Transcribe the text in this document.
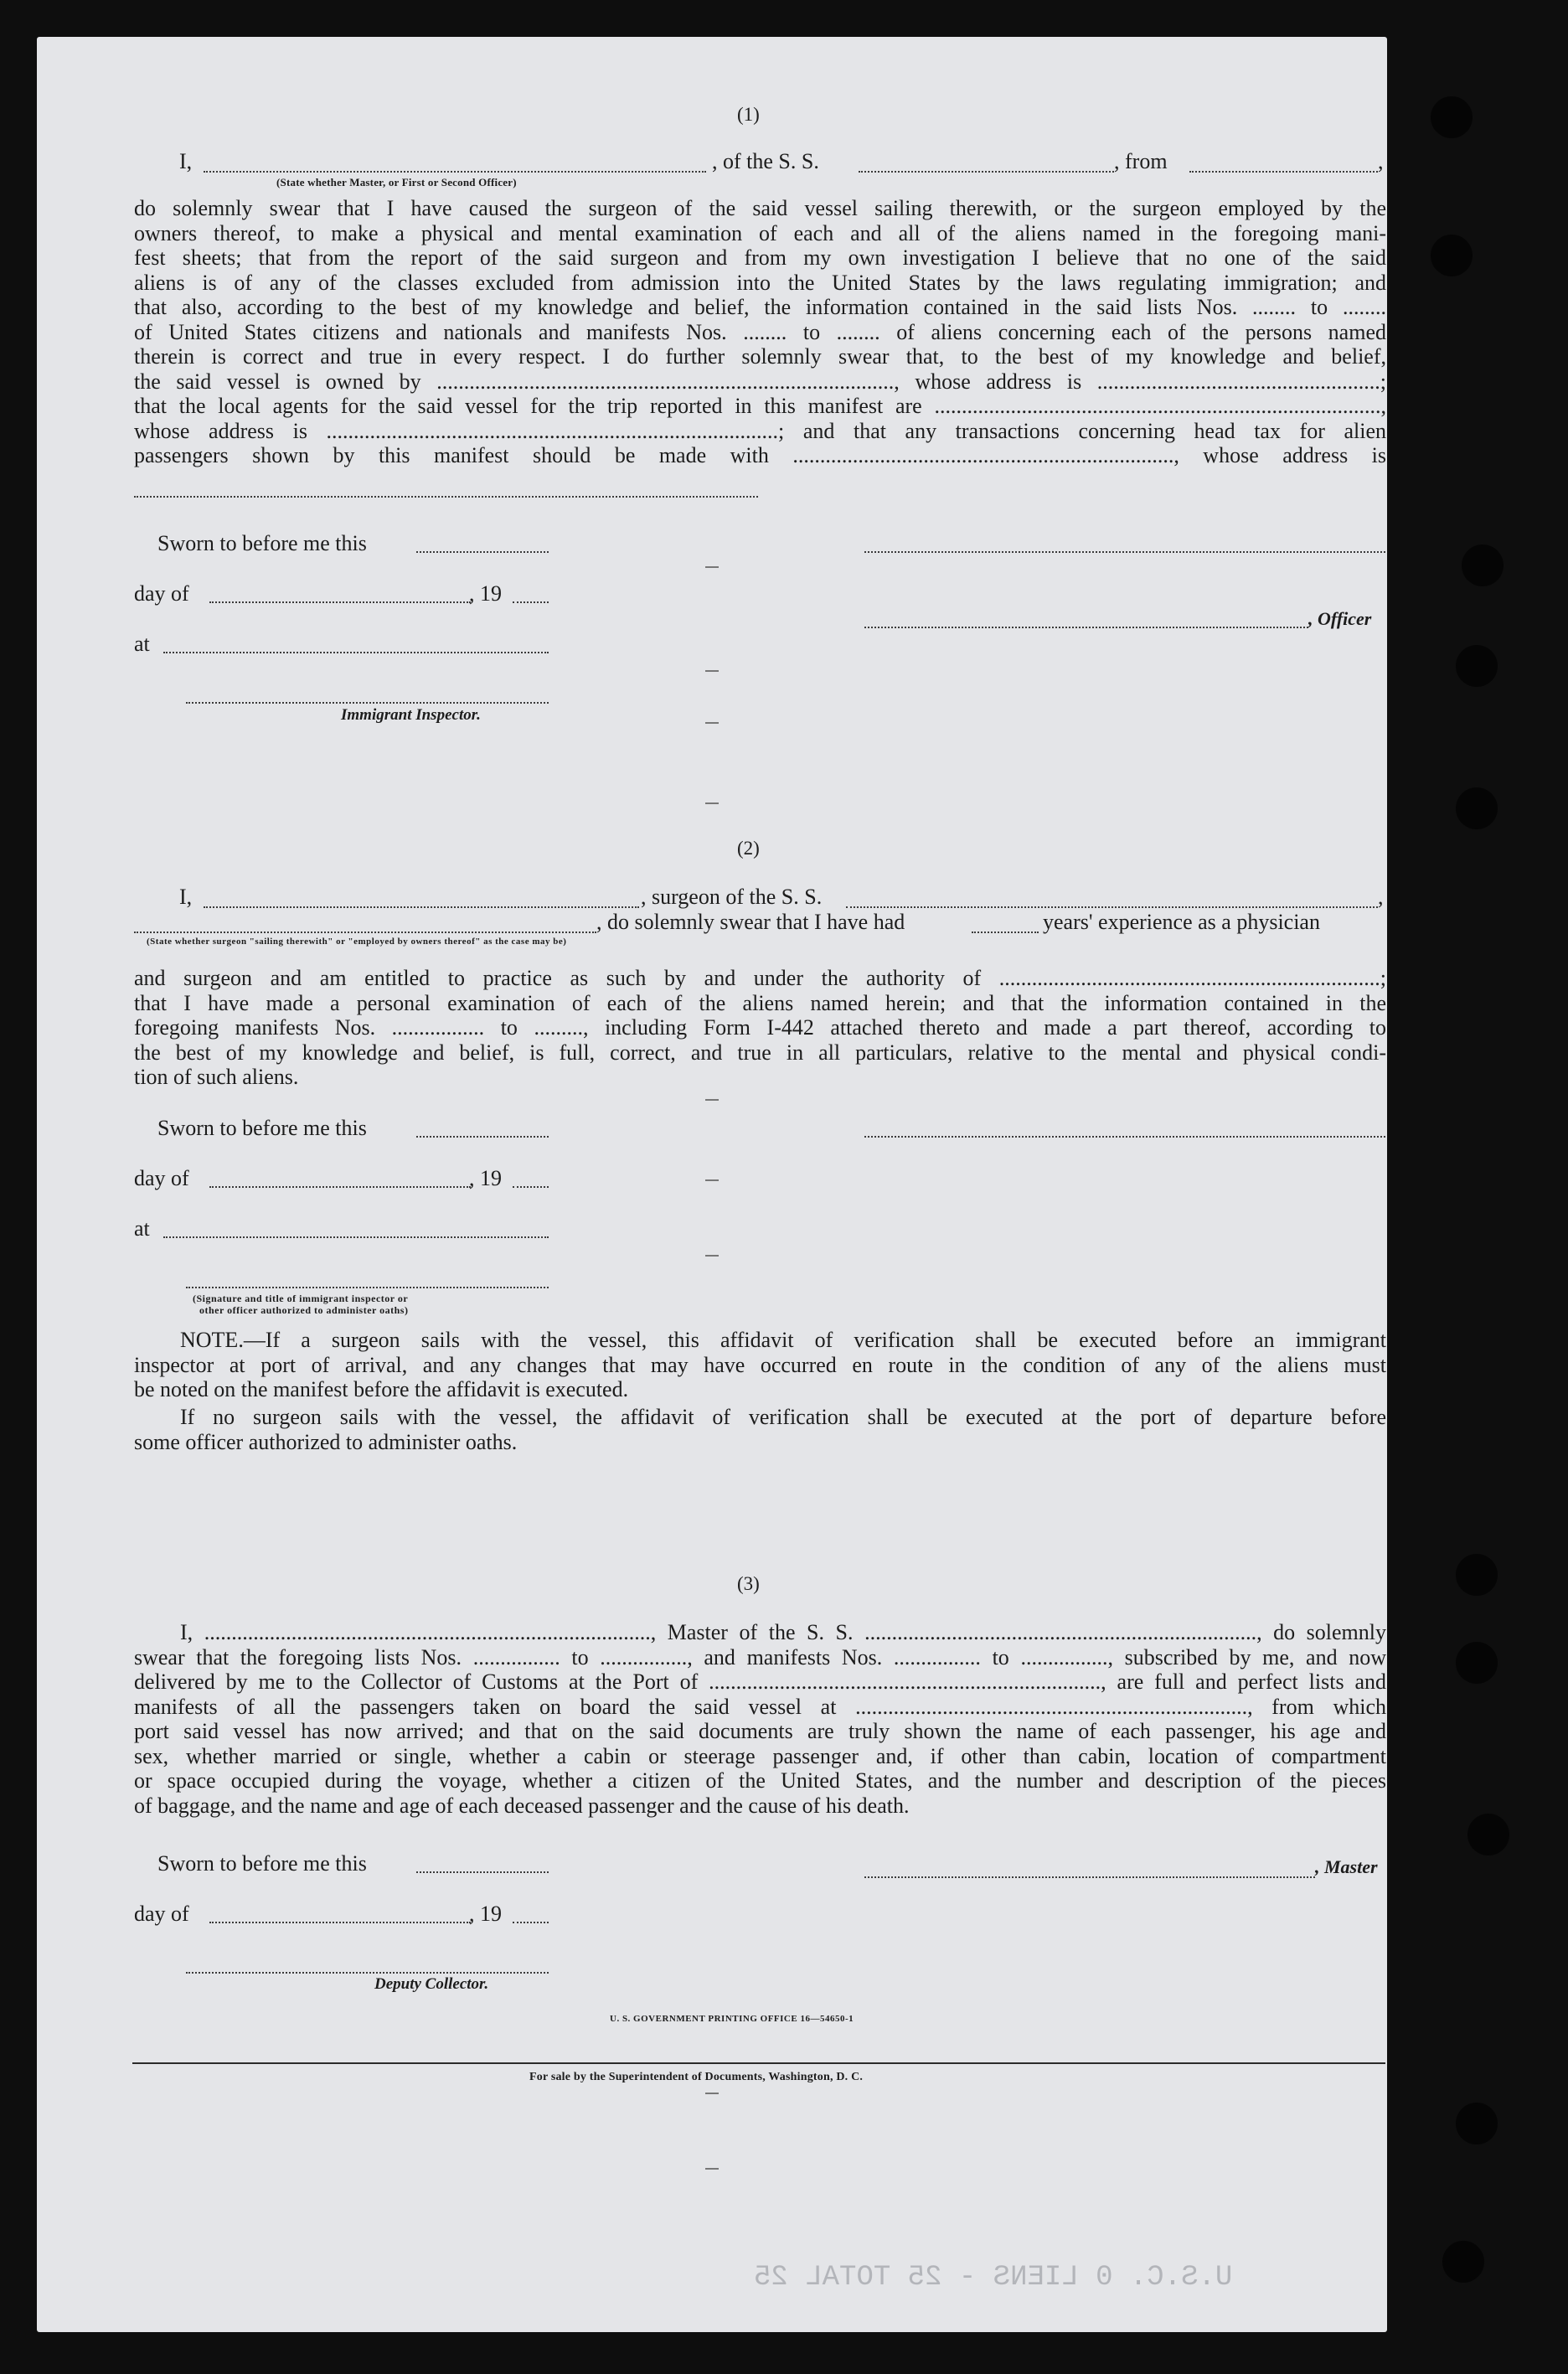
U.S.C. 0 LIENS - 25 TOTAL 25
(1)
I,
(State whether Master, or First or Second Officer)
, of the S. S.	, from	,
do solemnly swear that I have caused the surgeon of the said vessel sailing therewith, or the surgeon employed by the
owners thereof, to make a physical and mental examination of each and all of the aliens named in the foregoing mani-
fest sheets; that from the report of the said surgeon and from my own investigation I believe that no one of the said
aliens is of any of the classes excluded from admission into the United States by the laws regulating immigration; and
that also, according to the best of my knowledge and belief, the information contained in the said lists Nos. ........ to ........
of United States citizens and nationals and manifests Nos. ........ to ........ of aliens concerning each of the persons named
therein is correct and true in every respect. I do further solemnly swear that, to the best of my knowledge and belief,
the said vessel is owned by ...................................................................................., whose address is ....................................................;
that the local agents for the said vessel for the trip reported in this manifest are ..................................................................................,
whose address is ...................................................................................; and that any transactions concerning head tax for alien
passengers shown by this manifest should be made with ......................................................................, whose address is
Sworn to before me this
day of	, 19
, Officer
at
Immigrant Inspector.
(2)
I,	, surgeon of the S. S.	,
, do solemnly swear that I have had	years' experience as a physician
(State whether surgeon "sailing therewith" or "employed by owners thereof" as the case may be)
and surgeon and am entitled to practice as such by and under the authority of ......................................................................;
that I have made a personal examination of each of the aliens named herein; and that the information contained in the
foregoing manifests Nos. ................. to ........., including Form I-442 attached thereto and made a part thereof, according to
the best of my knowledge and belief, is full, correct, and true in all particulars, relative to the mental and physical condi-
tion of such aliens.
Sworn to before me this
day of	, 19
at
(Signature and title of immigrant inspector or
other officer authorized to administer oaths)
NOTE.—If a surgeon sails with the vessel, this affidavit of verification shall be executed before an immigrant
inspector at port of arrival, and any changes that may have occurred en route in the condition of any of the aliens must
be noted on the manifest before the affidavit is executed.
If no surgeon sails with the vessel, the affidavit of verification shall be executed at the port of departure before
some officer authorized to administer oaths.
(3)
I, .................................................................................., Master of the S. S. ........................................................................, do solemnly
swear that the foregoing lists Nos. ................ to ................, and manifests Nos. ................ to ................, subscribed by me, and now
delivered by me to the Collector of Customs at the Port of ........................................................................, are full and perfect lists and
manifests of all the passengers taken on board the said vessel at ........................................................................, from which
port said vessel has now arrived; and that on the said documents are truly shown the name of each passenger, his age and
sex, whether married or single, whether a cabin or steerage passenger and, if other than cabin, location of compartment
or space occupied during the voyage, whether a citizen of the United States, and the number and description of the pieces
of baggage, and the name and age of each deceased passenger and the cause of his death.
Sworn to before me this	, Master
day of	, 19
Deputy Collector.
U. S. GOVERNMENT PRINTING OFFICE 16—54650-1
For sale by the Superintendent of Documents, Washington, D. C.
